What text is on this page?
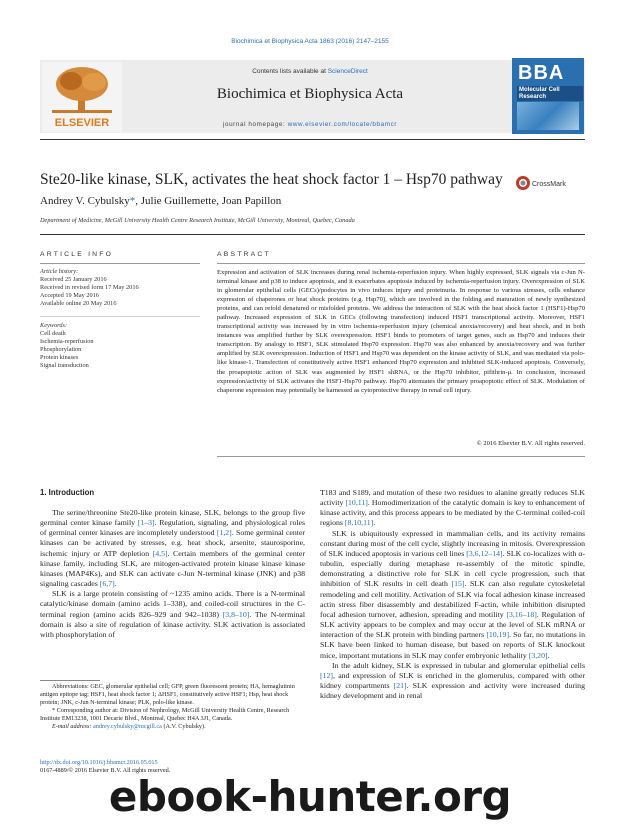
Biochimica et Biophysica Acta 1863 (2016) 2147–2155
ELSEVIER
Contents lists available at ScienceDirect
Biochimica et Biophysica Acta
journal homepage: www.elsevier.com/locate/bbamcr
BBA
Molecular Cell Research
Ste20-like kinase, SLK, activates the heat shock factor 1 – Hsp70 pathway	CrossMark
Andrey V. Cybulsky*, Julie Guillemette, Joan Papillon
Department of Medicine, McGill University Health Centre Research Institute, McGill University, Montreal, Quebec, Canada
ARTICLE INFO	ABSTRACT
Article history:
Received 25 January 2016
Received in revised form 17 May 2016
Accepted 19 May 2016
Available online 20 May 2016
Keywords:
Cell death
Ischemia-reperfusion
Phosphorylation
Protein kinases
Signal transduction
Expression and activation of SLK increases during renal ischemia-reperfusion injury. When highly expressed, SLK signals via c-Jun N-terminal kinase and p38 to induce apoptosis, and it exacerbates apoptosis induced by ischemia-reperfusion injury. Overexpression of SLK in glomerular epithelial cells (GECs)/podocytes in vivo induces injury and proteinuria. In response to various stresses, cells enhance expression of chaperones or heat shock proteins (e.g. Hsp70), which are involved in the folding and maturation of newly synthesized proteins, and can refold denatured or misfolded proteins. We address the interaction of SLK with the heat shock factor 1 (HSF1)-Hsp70 pathway. Increased expression of SLK in GECs (following transfection) induced HSF1 transcriptional activity. Moreover, HSF1 transcriptional activity was increased by in vitro ischemia-reperfusion injury (chemical anoxia/recovery) and heat shock, and in both instances was amplified further by SLK overexpression. HSF1 binds to promoters of target genes, such as Hsp70 and induces their transcription. By analogy to HSF1, SLK stimulated Hsp70 expression. Hsp70 was also enhanced by anoxia/recovery and was further amplified by SLK overexpression. Induction of HSF1 and Hsp70 was dependent on the kinase activity of SLK, and was mediated via polo-like kinase-1. Transfection of constitutively active HSF1 enhanced Hsp70 expression and inhibited SLK-induced apoptosis. Conversely, the proapoptotic action of SLK was augmented by HSF1 shRNA, or the Hsp70 inhibitor, pifithrin-μ. In conclusion, increased expression/activity of SLK activates the HSF1-Hsp70 pathway. Hsp70 attenuates the primary proapoptotic effect of SLK. Modulation of chaperone expression may potentially be harnessed as cytoprotective therapy in renal cell injury.
© 2016 Elsevier B.V. All rights reserved.
1. Introduction

The serine/threonine Ste20-like protein kinase, SLK, belongs to the group five germinal center kinase family [1–3]. Regulation, signaling, and physiological roles of germinal center kinases are incompletely understood [1,2]. Some germinal center kinases can be activated by stresses, e.g. heat shock, arsenite, staurosporine, ischemic injury or ATP depletion [4,5]. Certain members of the germinal center kinase family, including SLK, are mitogen-activated protein kinase kinase kinase kinases (MAP4Ks), and SLK can activate c-Jun N-terminal kinase (JNK) and p38 signaling cascades [6,7].

SLK is a large protein consisting of ~1235 amino acids. There is a N-terminal catalytic/kinase domain (amino acids 1–338), and coiled-coil structures in the C-terminal region (amino acids 826–929 and 942–1038) [3,8–10]. The N-terminal domain is also a site of regulation of kinase activity. SLK activation is associated with phosphorylation of

T183 and S189, and mutation of these two residues to alanine greatly reduces SLK activity [10,11]. Homodimerization of the catalytic domain is key to enhancement of kinase activity, and this process appears to be mediated by the C-terminal coiled-coil regions [8,10,11].

SLK is ubiquitously expressed in mammalian cells, and its activity remains constant during most of the cell cycle, slightly increasing in mitosis. Overexpression of SLK induced apoptosis in various cell lines [3,6,12–14]. SLK co-localizes with α-tubulin, especially during metaphase re-assembly of the mitotic spindle, demonstrating a distinctive role for SLK in cell cycle progression, such that inhibition of SLK results in cell death [15]. SLK can also regulate cytoskeletal remodeling and cell motility. Activation of SLK via focal adhesion kinase increased actin stress fiber disassembly and destabilized F-actin, while inhibition disrupted focal adhesion turnover, adhesion, spreading and motility [3,16–18]. Regulation of SLK activity appears to be complex and may occur at the level of SLK mRNA or interaction of the SLK protein with binding partners [10,19]. So far, no mutations in SLK have been linked to human disease, but based on reports of SLK knockout mice, important mutations in SLK may confer embryonic lethality [3,20].

In the adult kidney, SLK is expressed in tubular and glomerular epithelial cells [12], and expression of SLK is enriched in the glomerulus, compared with other kidney compartments [21]. SLK expression and activity were increased during kidney development and in renal

Abbreviations: GEC, glomerular epithelial cell; GFP, green fluorescent protein; HA, hemaglutinin antigen epitope tag; HSF1, heat shock factor 1; ΔHSF1, constitutively active HSF1; Hsp, heat shock protein; JNK, c-Jun N-terminal kinase; PLK, polo-like kinase.
* Corresponding author at: Division of Nephrology, McGill University Health Centre, Research Institute EM13238, 1001 Decarie Blvd., Montreal, Quebec H4A 3J1, Canada.
E-mail address: andrey.cybulsky@mcgill.ca (A.V. Cybulsky).
http://dx.doi.org/10.1016/j.bbamcr.2016.05.015
0167-4889/© 2016 Elsevier B.V. All rights reserved.
ebook-hunter.org
